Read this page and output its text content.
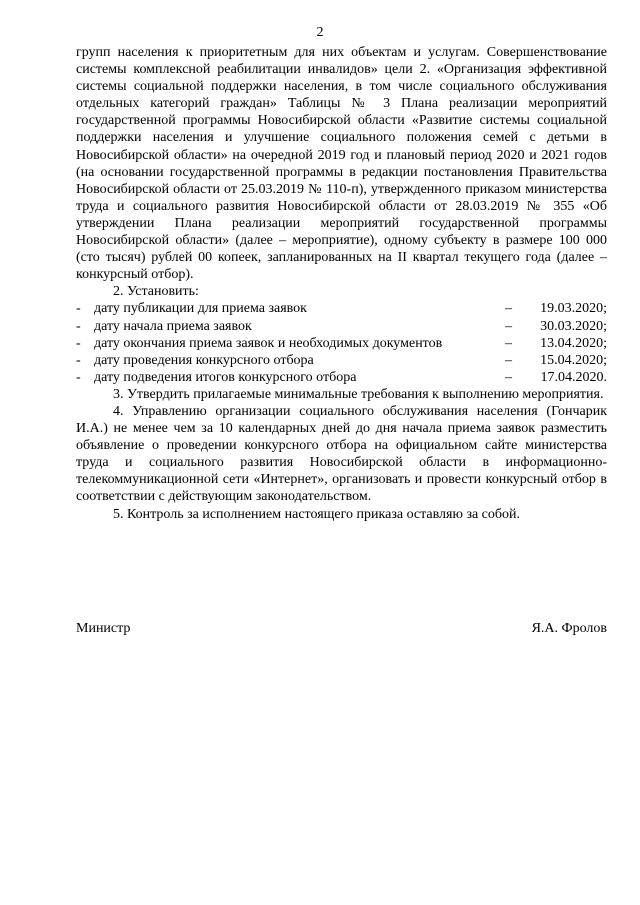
2

групп населения к приоритетным для них объектам и услугам. Совершенствование системы комплексной реабилитации инвалидов» цели 2. «Организация эффективной системы социальной поддержки населения, в том числе социального обслуживания отдельных категорий граждан» Таблицы № 3 Плана реализации мероприятий государственной программы Новосибирской области «Развитие системы социальной поддержки населения и улучшение социального положения семей с детьми в Новосибирской области» на очередной 2019 год и плановый период 2020 и 2021 годов (на основании государственной программы в редакции постановления Правительства Новосибирской области от 25.03.2019 № 110-п), утвержденного приказом министерства труда и социального развития Новосибирской области от 28.03.2019 № 355 «Об утверждении Плана реализации мероприятий государственной программы Новосибирской области» (далее – мероприятие), одному субъекту в размере 100 000 (сто тысяч) рублей 00 копеек, запланированных на II квартал текущего года (далее – конкурсный отбор).

2. Установить:

- дату публикации для приема заявок	–	19.03.2020;
- дату начала приема заявок	–	30.03.2020;
- дату окончания приема заявок и необходимых документов	–	13.04.2020;
- дату проведения конкурсного отбора	–	15.04.2020;
- дату подведения итогов конкурсного отбора	–	17.04.2020.

3. Утвердить прилагаемые минимальные требования к выполнению мероприятия.

4. Управлению организации социального обслуживания населения (Гончарик И.А.) не менее чем за 10 календарных дней до дня начала приема заявок разместить объявление о проведении конкурсного отбора на официальном сайте министерства труда и социального развития Новосибирской области в информационно-телекоммуникационной сети «Интернет», организовать и провести конкурсный отбор в соответствии с действующим законодательством.

5. Контроль за исполнением настоящего приказа оставляю за собой.

Министр	Я.А. Фролов
